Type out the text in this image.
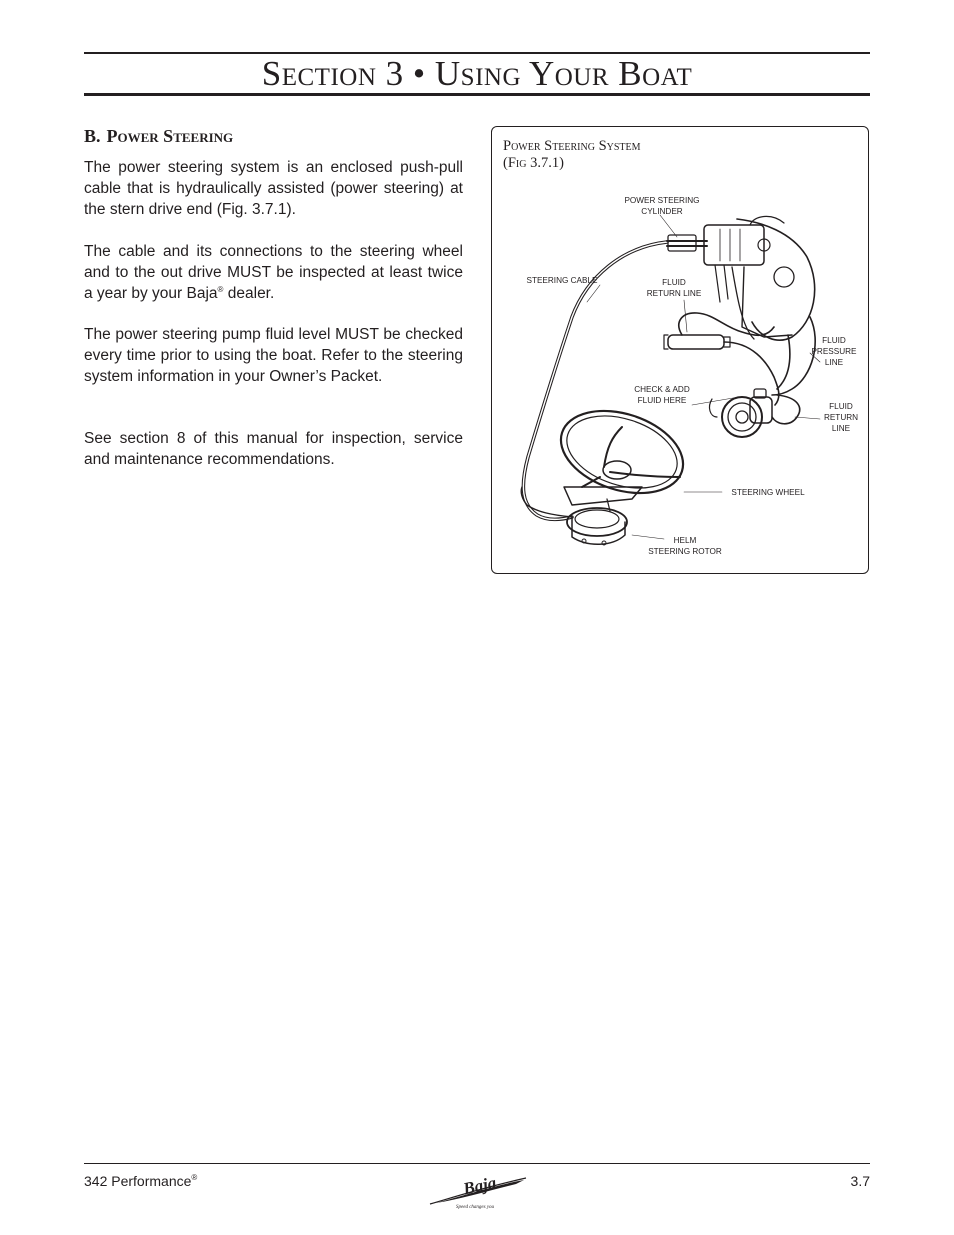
Section 3 • Using Your Boat
B. Power Steering

The power steering system is an enclosed push-pull cable that is hydraulically assisted (power steering) at the stern drive end (Fig. 3.7.1).

The cable and its connections to the steering wheel and to the out drive MUST be inspected at least twice a year by your Baja® dealer.

The power steering pump fluid level MUST be checked every time prior to using the boat. Refer to the steering system information in your Owner’s Packet.

See section 8 of this manual for inspection, service and maintenance recommendations.

Power Steering System
(Fig 3.7.1)
POWER STEERING
CYLINDER
STEERING CABLE	FLUID
RETURN LINE
FLUID
PRESSURE
LINE
CHECK & ADD
FLUID HERE
FLUID
RETURN
LINE
STEERING WHEEL
HELM
STEERING ROTOR
342 Performance®	3.7
Baja
Speed changes you
